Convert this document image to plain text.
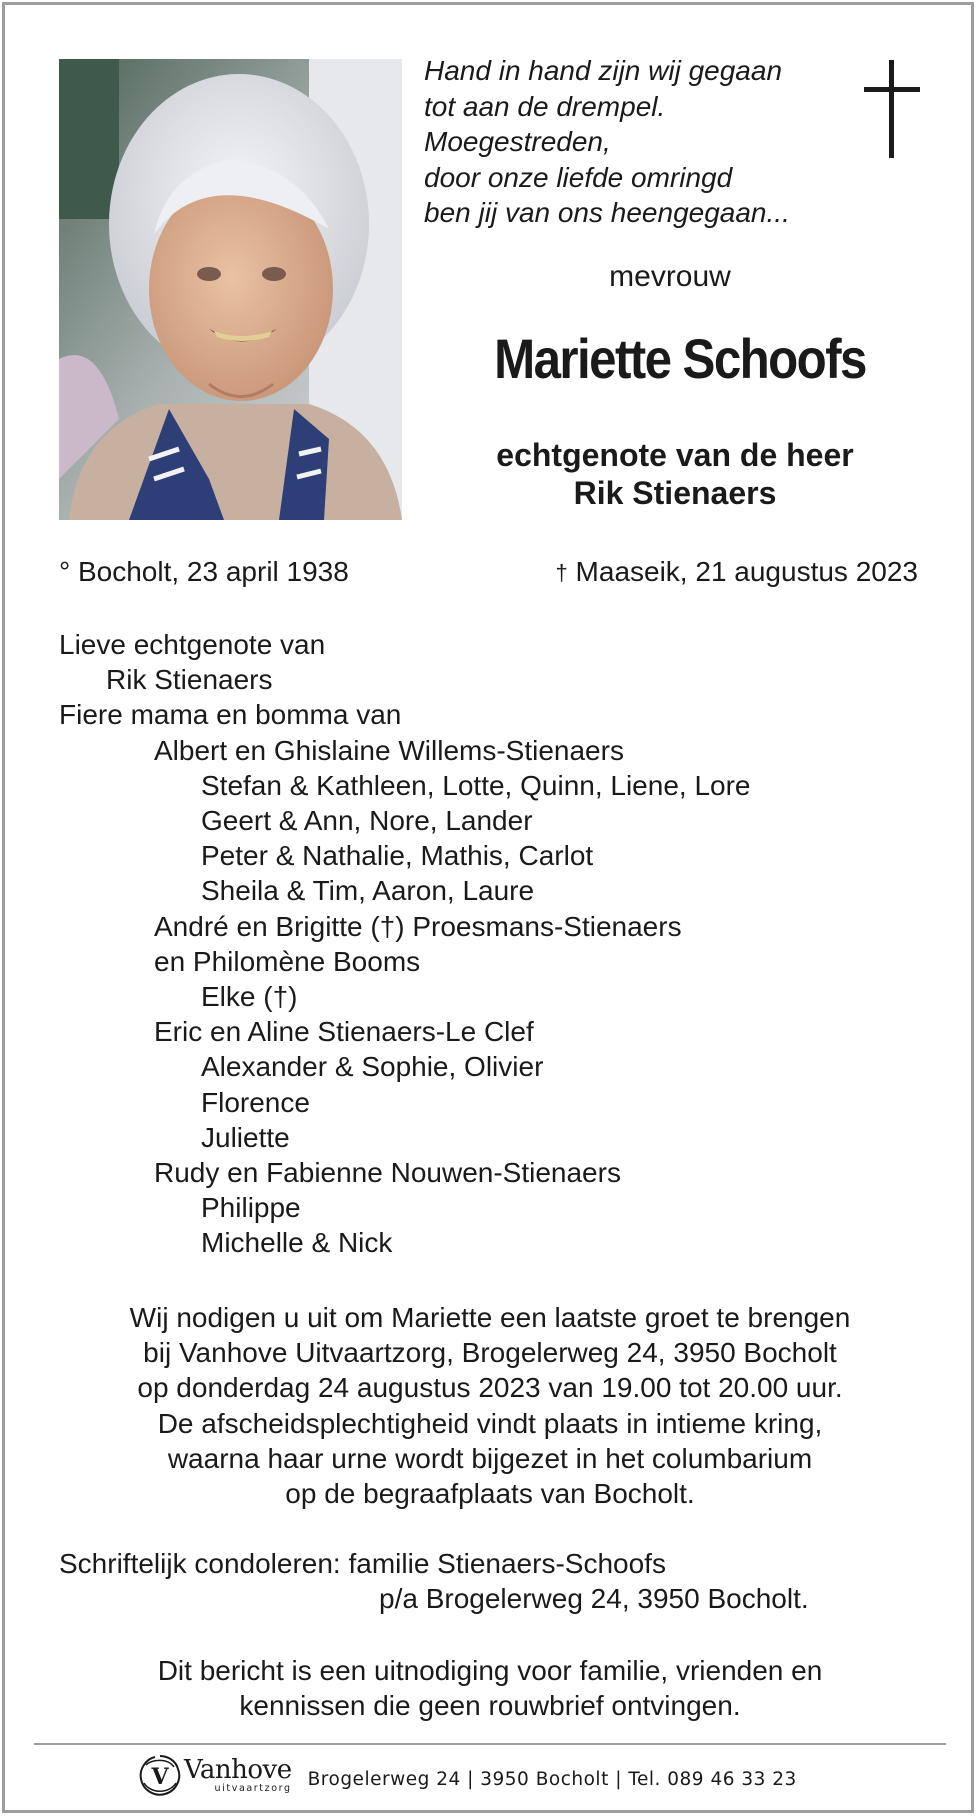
Hand in hand zijn wij gegaan
tot aan de drempel.
Moegestreden,
door onze liefde omringd
ben jij van ons heengegaan...
mevrouw
Mariette Schoofs
echtgenote van de heer
Rik Stienaers
° Bocholt, 23 april 1938	† Maaseik, 21 augustus 2023
Lieve echtgenote van
Rik Stienaers
Fiere mama en bomma van
Albert en Ghislaine Willems-Stienaers
Stefan & Kathleen, Lotte, Quinn, Liene, Lore
Geert & Ann, Nore, Lander
Peter & Nathalie, Mathis, Carlot
Sheila & Tim, Aaron, Laure
André en Brigitte (†) Proesmans-Stienaers
en Philomène Booms
Elke (†)
Eric en Aline Stienaers-Le Clef
Alexander & Sophie, Olivier
Florence
Juliette
Rudy en Fabienne Nouwen-Stienaers
Philippe
Michelle & Nick
Wij nodigen u uit om Mariette een laatste groet te brengen
bij Vanhove Uitvaartzorg, Brogelerweg 24, 3950 Bocholt
op donderdag 24 augustus 2023 van 19.00 tot 20.00 uur.
De afscheidsplechtigheid vindt plaats in intieme kring,
waarna haar urne wordt bijgezet in het columbarium
op de begraafplaats van Bocholt.
Schriftelijk condoleren: familie Stienaers-Schoofs
p/a Brogelerweg 24, 3950 Bocholt.
Dit bericht is een uitnodiging voor familie, vrienden en
kennissen die geen rouwbrief ontvingen.
V Vanhove
uitvaartzorg Brogelerweg 24 | 3950 Bocholt | Tel. 089 46 33 23
